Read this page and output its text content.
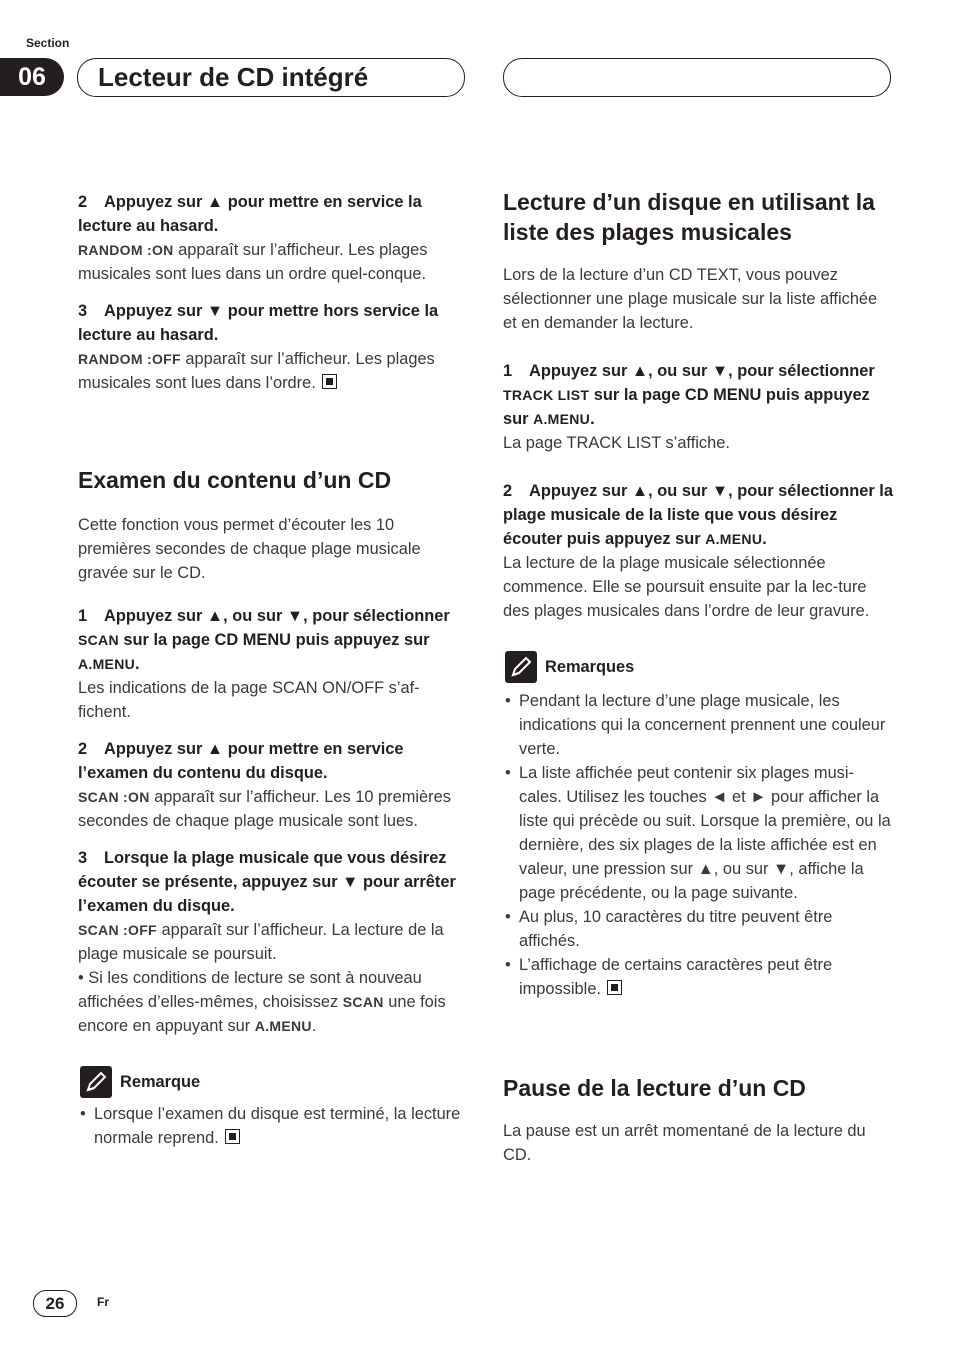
Section
06	Lecteur de CD intégré

2 Appuyez sur ▲ pour mettre en service la lecture au hasard.

RANDOM :ON apparaît sur l’afficheur. Les plages musicales sont lues dans un ordre quel-conque.

3 Appuyez sur ▼ pour mettre hors service la lecture au hasard.

RANDOM :OFF apparaît sur l’afficheur. Les plages musicales sont lues dans l’ordre.

Examen du contenu d’un CD

Cette fonction vous permet d’écouter les 10 premières secondes de chaque plage musicale gravée sur le CD.

1 Appuyez sur ▲, ou sur ▼, pour sélectionner SCAN sur la page CD MENU puis appuyez sur A.MENU.

Les indications de la page SCAN ON/OFF s’af-fichent.

2 Appuyez sur ▲ pour mettre en service l’examen du contenu du disque.

SCAN :ON apparaît sur l’afficheur. Les 10 premières secondes de chaque plage musicale sont lues.

3 Lorsque la plage musicale que vous désirez écouter se présente, appuyez sur ▼ pour arrêter l’examen du disque.

SCAN :OFF apparaît sur l’afficheur. La lecture de la plage musicale se poursuit.

• Si les conditions de lecture se sont à nouveau affichées d’elles-mêmes, choisissez SCAN une fois encore en appuyant sur A.MENU.

Remarque
• Lorsque l’examen du disque est terminé, la lecture normale reprend.
Lecture d’un disque en utilisant la liste des plages musicales

Lors de la lecture d’un CD TEXT, vous pouvez sélectionner une plage musicale sur la liste affichée et en demander la lecture.

1 Appuyez sur ▲, ou sur ▼, pour sélectionner
TRACK LIST sur la page CD MENU puis appuyez sur A.MENU.

La page TRACK LIST s’affiche.

2 Appuyez sur ▲, ou sur ▼, pour sélectionner la plage musicale de la liste que vous désirez écouter puis appuyez sur A.MENU.

La lecture de la plage musicale sélectionnée commence. Elle se poursuit ensuite par la lec-ture des plages musicales dans l’ordre de leur gravure.

Remarques
• Pendant la lecture d’une plage musicale, les indications qui la concernent prennent une couleur verte.
• La liste affichée peut contenir six plages musi-cales. Utilisez les touches ◄ et ► pour afficher la liste qui précède ou suit. Lorsque la première, ou la dernière, des six plages de la liste affichée est en valeur, une pression sur ▲, ou sur ▼, affiche la page précédente, ou la page suivante.
• Au plus, 10 caractères du titre peuvent être affichés.
• L’affichage de certains caractères peut être impossible.
Pause de la lecture d’un CD

La pause est un arrêt momentané de la lecture du CD.

26	Fr
